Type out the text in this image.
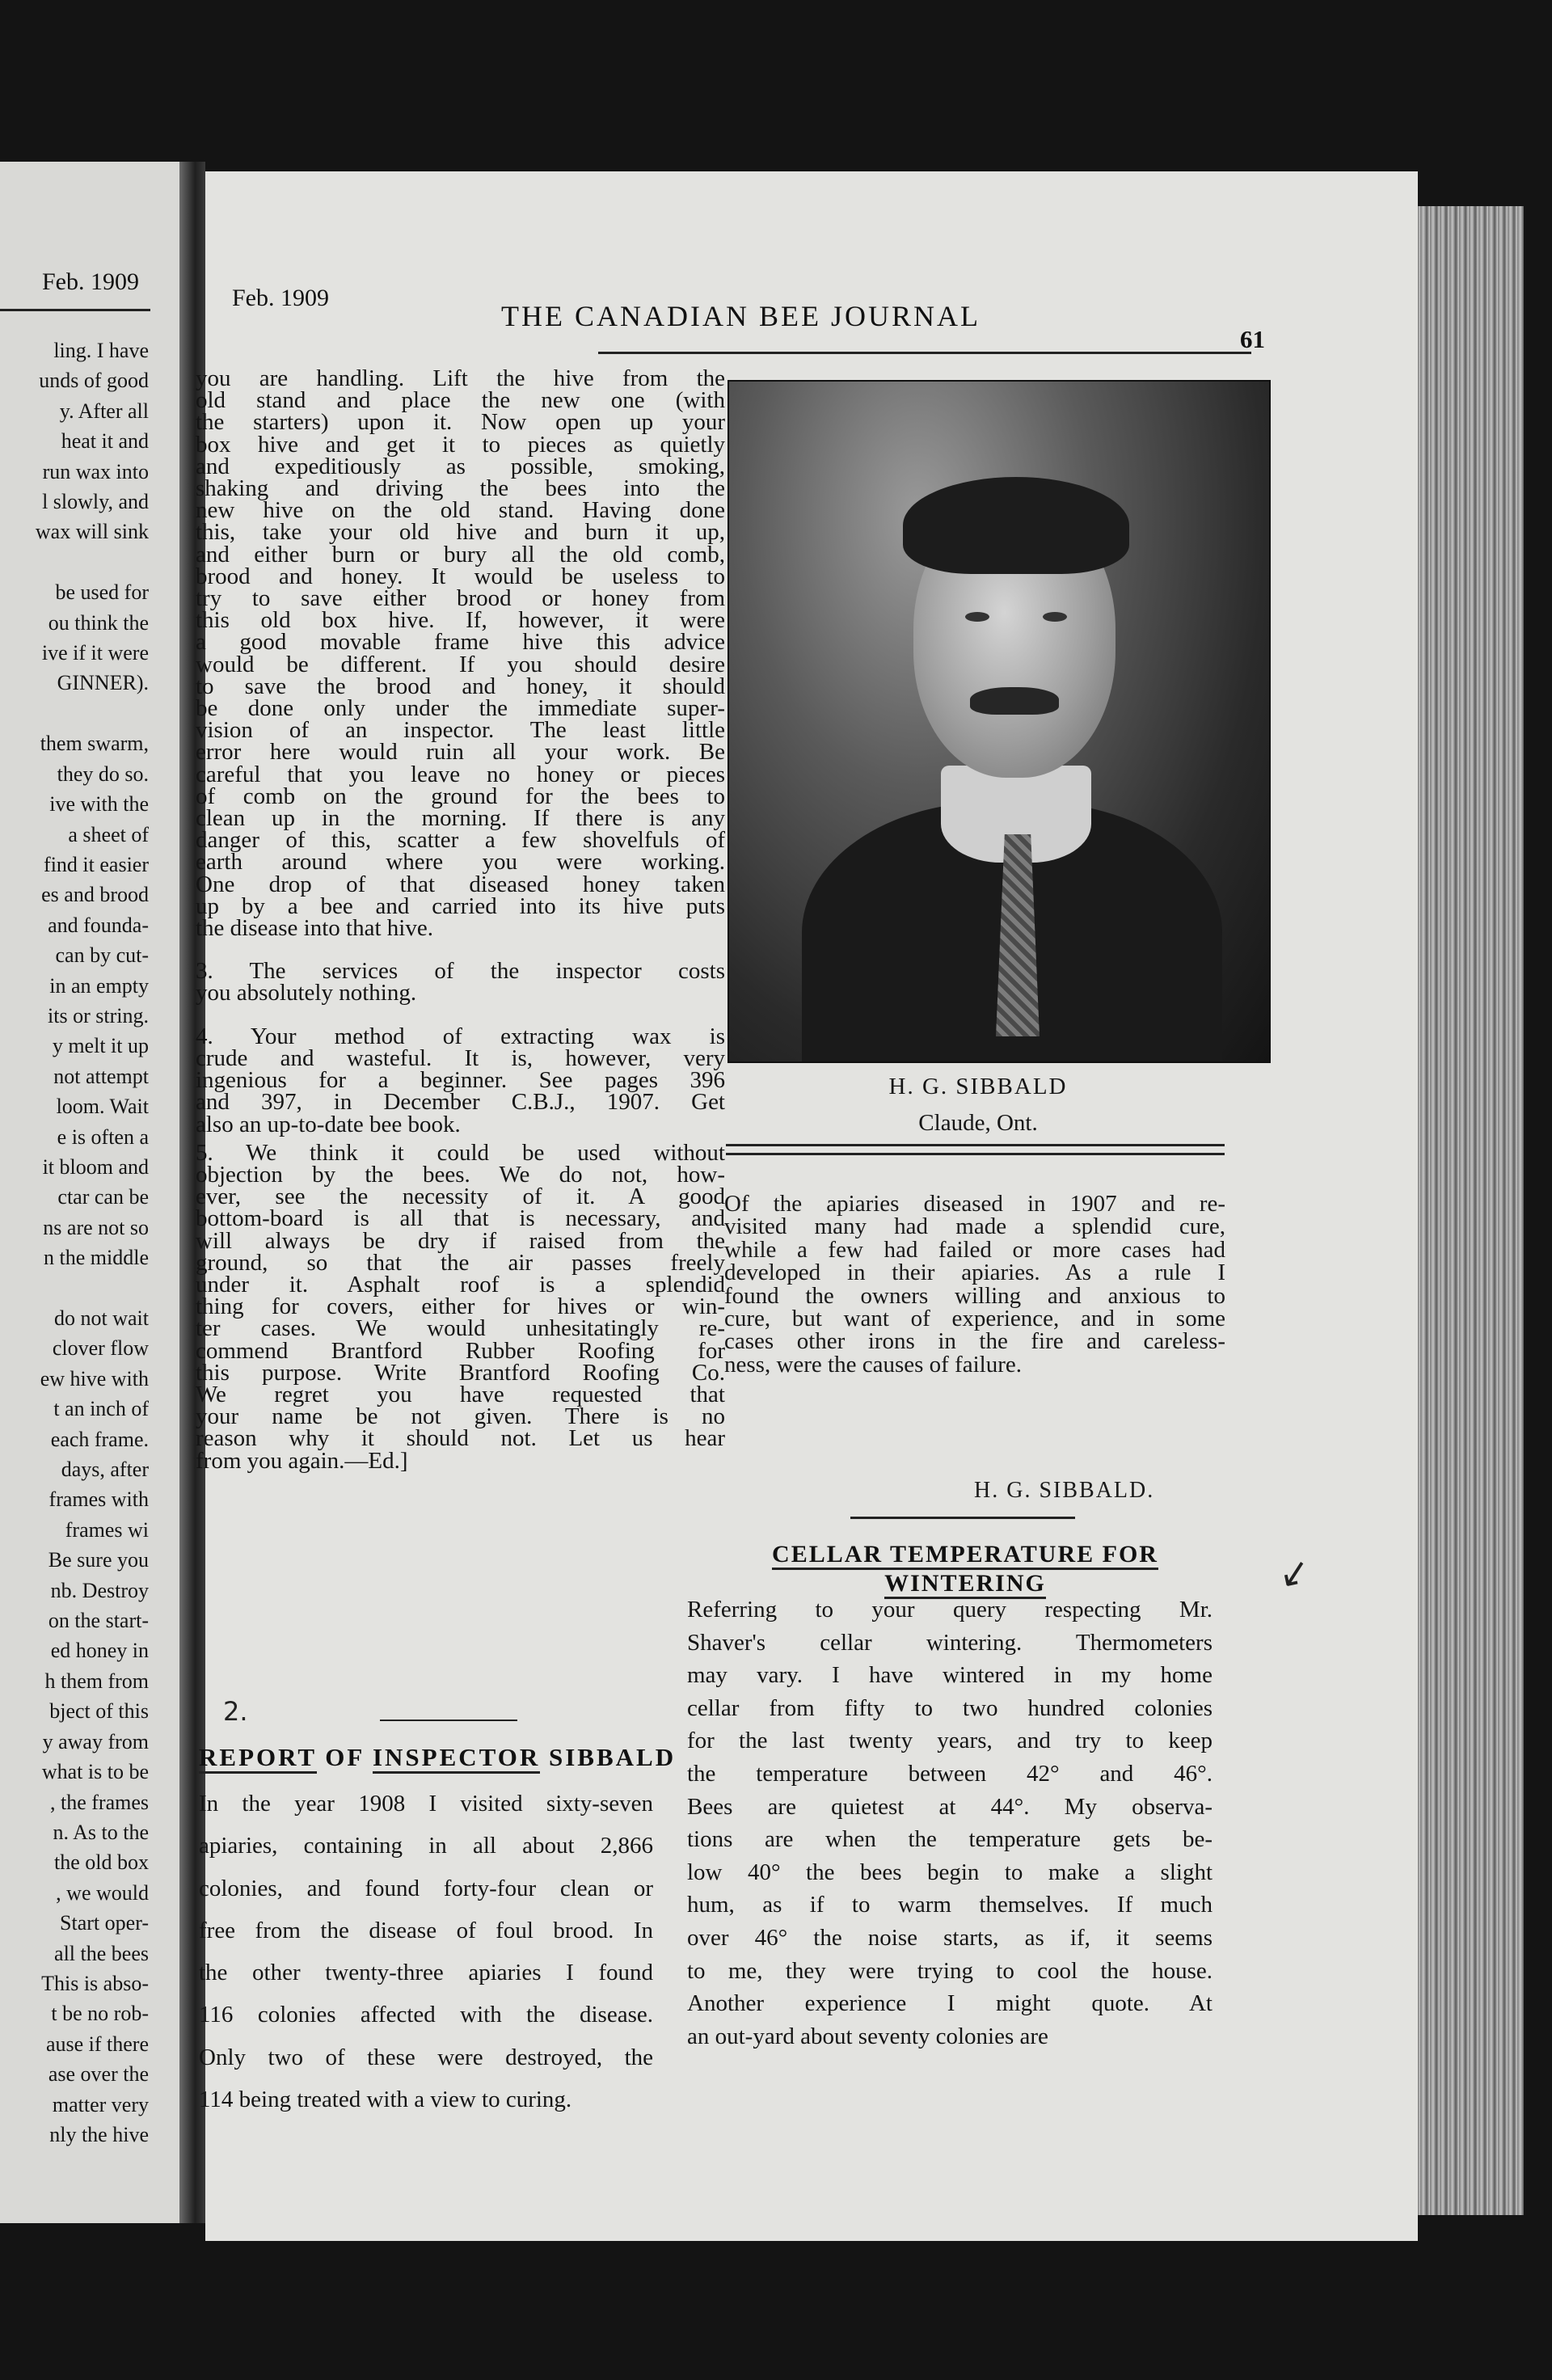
Feb. 1909
ling. I have
unds of good
y. After all
heat it and
run wax into
l slowly, and
wax will sink

be used for
ou think the
ive if it were
GINNER).

them swarm,
they do so.
ive with the
a sheet of
find it easier
es and brood
and founda-
can by cut-
in an empty
its or string.
y melt it up
not attempt
loom. Wait
e is often a
it bloom and
ctar can be
ns are not so
n the middle

do not wait
clover flow
ew hive with
t an inch of
each frame.
days, after
frames with
frames wi
Be sure you
nb. Destroy
on the start-
ed honey in
h them from
bject of this
y away from
what is to be
, the frames
n. As to the
the old box
, we would
Start oper-
all the bees
This is abso-
t be no rob-
ause if there
ase over the
matter very
nly the hive
Feb. 1909
THE CANADIAN BEE JOURNAL
61
you are handling. Lift the hive from the
old stand and place the new one (with
the starters) upon it. Now open up your
box hive and get it to pieces as quietly
and expeditiously as possible, smoking,
shaking and driving the bees into the
new hive on the old stand. Having done
this, take your old hive and burn it up,
and either burn or bury all the old comb,
brood and honey. It would be useless to
try to save either brood or honey from
this old box hive. If, however, it were
a good movable frame hive this advice
would be different. If you should desire
to save the brood and honey, it should
be done only under the immediate super-
vision of an inspector. The least little
error here would ruin all your work. Be
careful that you leave no honey or pieces
of comb on the ground for the bees to
clean up in the morning. If there is any
danger of this, scatter a few shovelfuls of
earth around where you were working.
One drop of that diseased honey taken
up by a bee and carried into its hive puts
the disease into that hive.
3. The services of the inspector costs
you absolutely nothing.
4. Your method of extracting wax is
crude and wasteful. It is, however, very
ingenious for a beginner. See pages 396
and 397, in December C.B.J., 1907. Get
also an up-to-date bee book.
5. We think it could be used without
objection by the bees. We do not, how-
ever, see the necessity of it. A good
bottom-board is all that is necessary, and
will always be dry if raised from the
ground, so that the air passes freely
under it. Asphalt roof is a splendid
thing for covers, either for hives or win-
ter cases. We would unhesitatingly re-
commend Brantford Rubber Roofing for
this purpose. Write Brantford Roofing Co.
We regret you have requested that
your name be not given. There is no
reason why it should not. Let us hear
from you again.—Ed.]
2.
REPORT OF INSPECTOR SIBBALD
In the year 1908 I visited sixty-seven
apiaries, containing in all about 2,866
colonies, and found forty-four clean or
free from the disease of foul brood. In
the other twenty-three apiaries I found
116 colonies affected with the disease.
Only two of these were destroyed, the
114 being treated with a view to curing.
H. G. SIBBALD
Claude, Ont.
Of the apiaries diseased in 1907 and re-
visited many had made a splendid cure,
while a few had failed or more cases had
developed in their apiaries. As a rule I
found the owners willing and anxious to
cure, but want of experience, and in some
cases other irons in the fire and careless-
ness, were the causes of failure.
H. G. SIBBALD.
CELLAR TEMPERATURE FOR
WINTERING	↙
Referring to your query respecting Mr.
Shaver's cellar wintering. Thermometers
may vary. I have wintered in my home
cellar from fifty to two hundred colonies
for the last twenty years, and try to keep
the temperature between 42° and 46°.
Bees are quietest at 44°. My observa-
tions are when the temperature gets be-
low 40° the bees begin to make a slight
hum, as if to warm themselves. If much
over 46° the noise starts, as if, it seems
to me, they were trying to cool the house.
Another experience I might quote. At
an out-yard about seventy colonies are
